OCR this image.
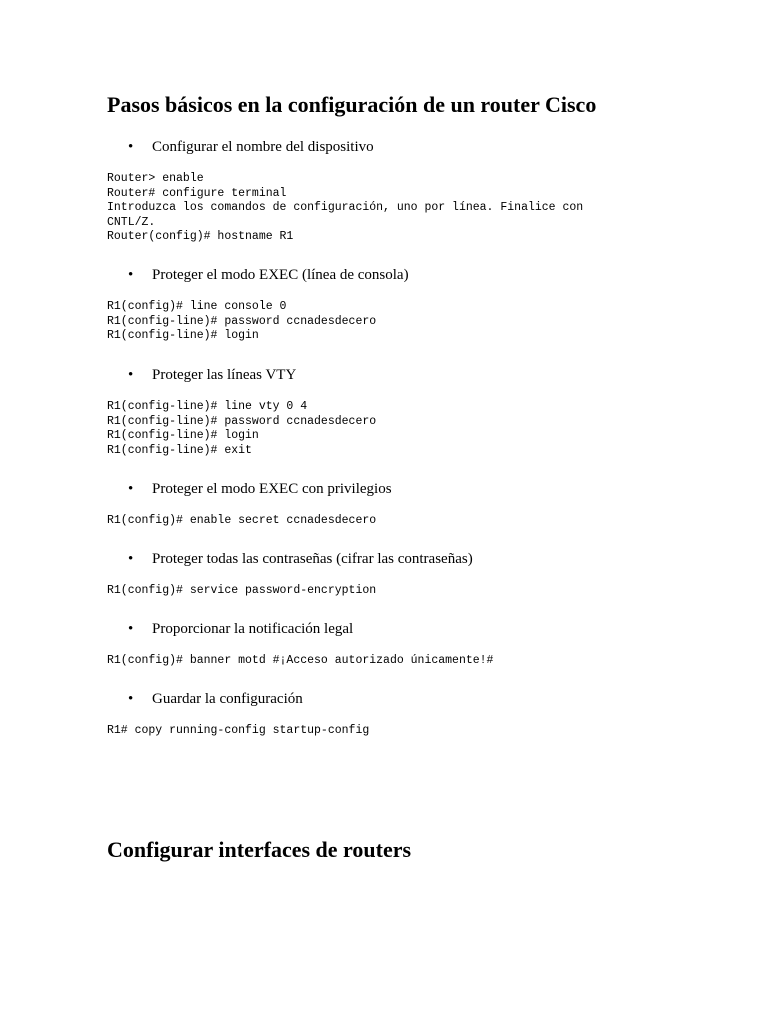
Pasos básicos en la configuración de un router Cisco
• Configurar el nombre del dispositivo
Router> enable
Router# configure terminal
Introduzca los comandos de configuración, uno por línea. Finalice con
CNTL/Z.
Router(config)# hostname R1
• Proteger el modo EXEC (línea de consola)
R1(config)# line console 0
R1(config-line)# password ccnadesdecero
R1(config-line)# login
• Proteger las líneas VTY
R1(config-line)# line vty 0 4
R1(config-line)# password ccnadesdecero
R1(config-line)# login
R1(config-line)# exit
• Proteger el modo EXEC con privilegios
R1(config)# enable secret ccnadesdecero
• Proteger todas las contraseñas (cifrar las contraseñas)
R1(config)# service password-encryption
• Proporcionar la notificación legal
R1(config)# banner motd #¡Acceso autorizado únicamente!#
• Guardar la configuración
R1# copy running-config startup-config
Configurar interfaces de routers
